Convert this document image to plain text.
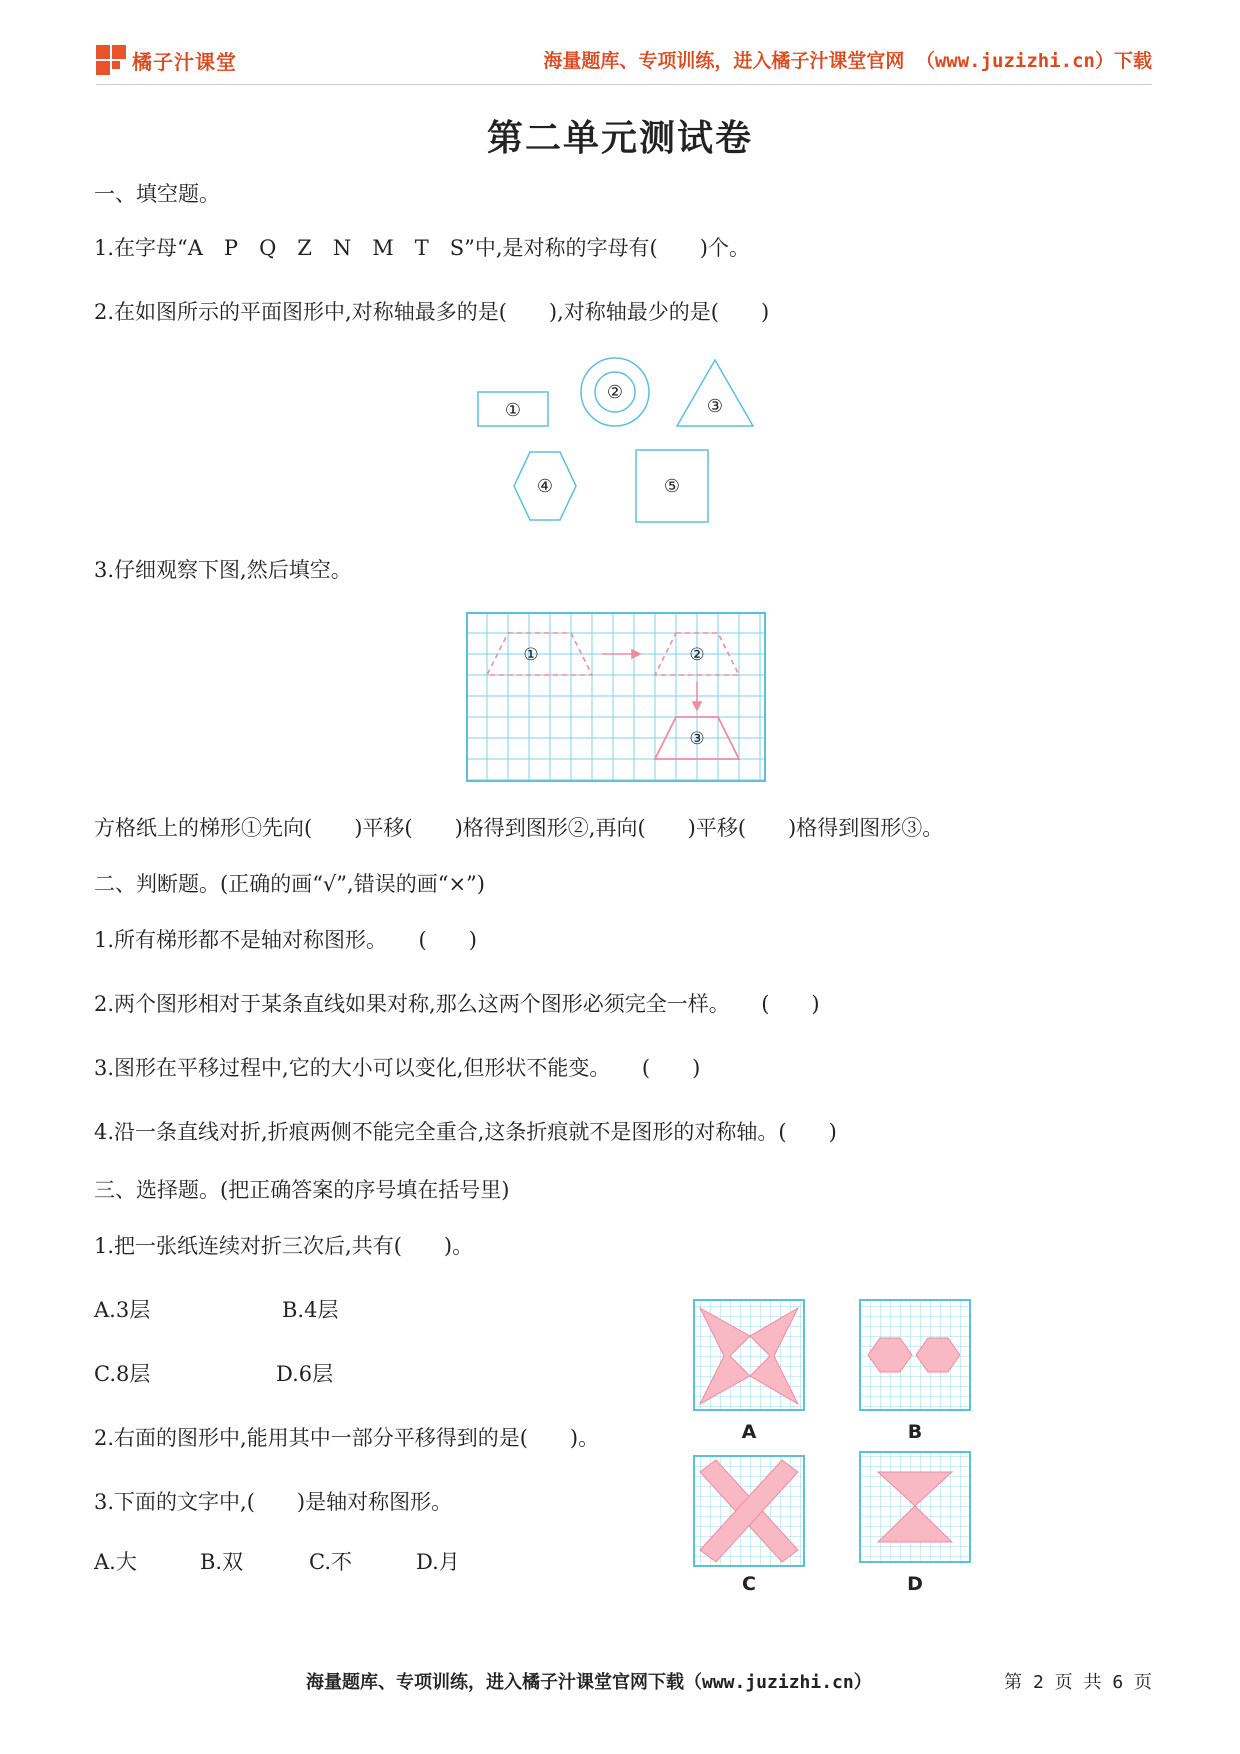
橘子汁课堂	海量题库、专项训练，进入橘子汁课堂官网 （www.juzizhi.cn）下载
第二单元测试卷
一、填空题。
1.在字母“A　P　Q　Z　N　M　T　S”中,是对称的字母有(　　)个。
2.在如图所示的平面图形中,对称轴最多的是(　　),对称轴最少的是(　　)
①
②
③
④	⑤
3.仔细观察下图,然后填空。
①	②
③
方格纸上的梯形①先向(　　)平移(　　)格得到图形②,再向(　　)平移(　　)格得到图形③。
二、判断题。(正确的画“√”,错误的画“×”)
1.所有梯形都不是轴对称图形。　　(　　)
2.两个图形相对于某条直线如果对称,那么这两个图形必须完全一样。　　(　　)
3.图形在平移过程中,它的大小可以变化,但形状不能变。　　(　　)
4.沿一条直线对折,折痕两侧不能完全重合,这条折痕就不是图形的对称轴。(　　)
三、选择题。(把正确答案的序号填在括号里)
1.把一张纸连续对折三次后,共有(　　)。
A.3层	B.4层
C.8层	D.6层
2.右面的图形中,能用其中一部分平移得到的是(　　)。
3.下面的文字中,(　　)是轴对称图形。
A.大	B.双	C.不	D.月
A	B
C	D
海量题库、专项训练，进入橘子汁课堂官网下载（www.juzizhi.cn）	第 2 页 共 6 页
